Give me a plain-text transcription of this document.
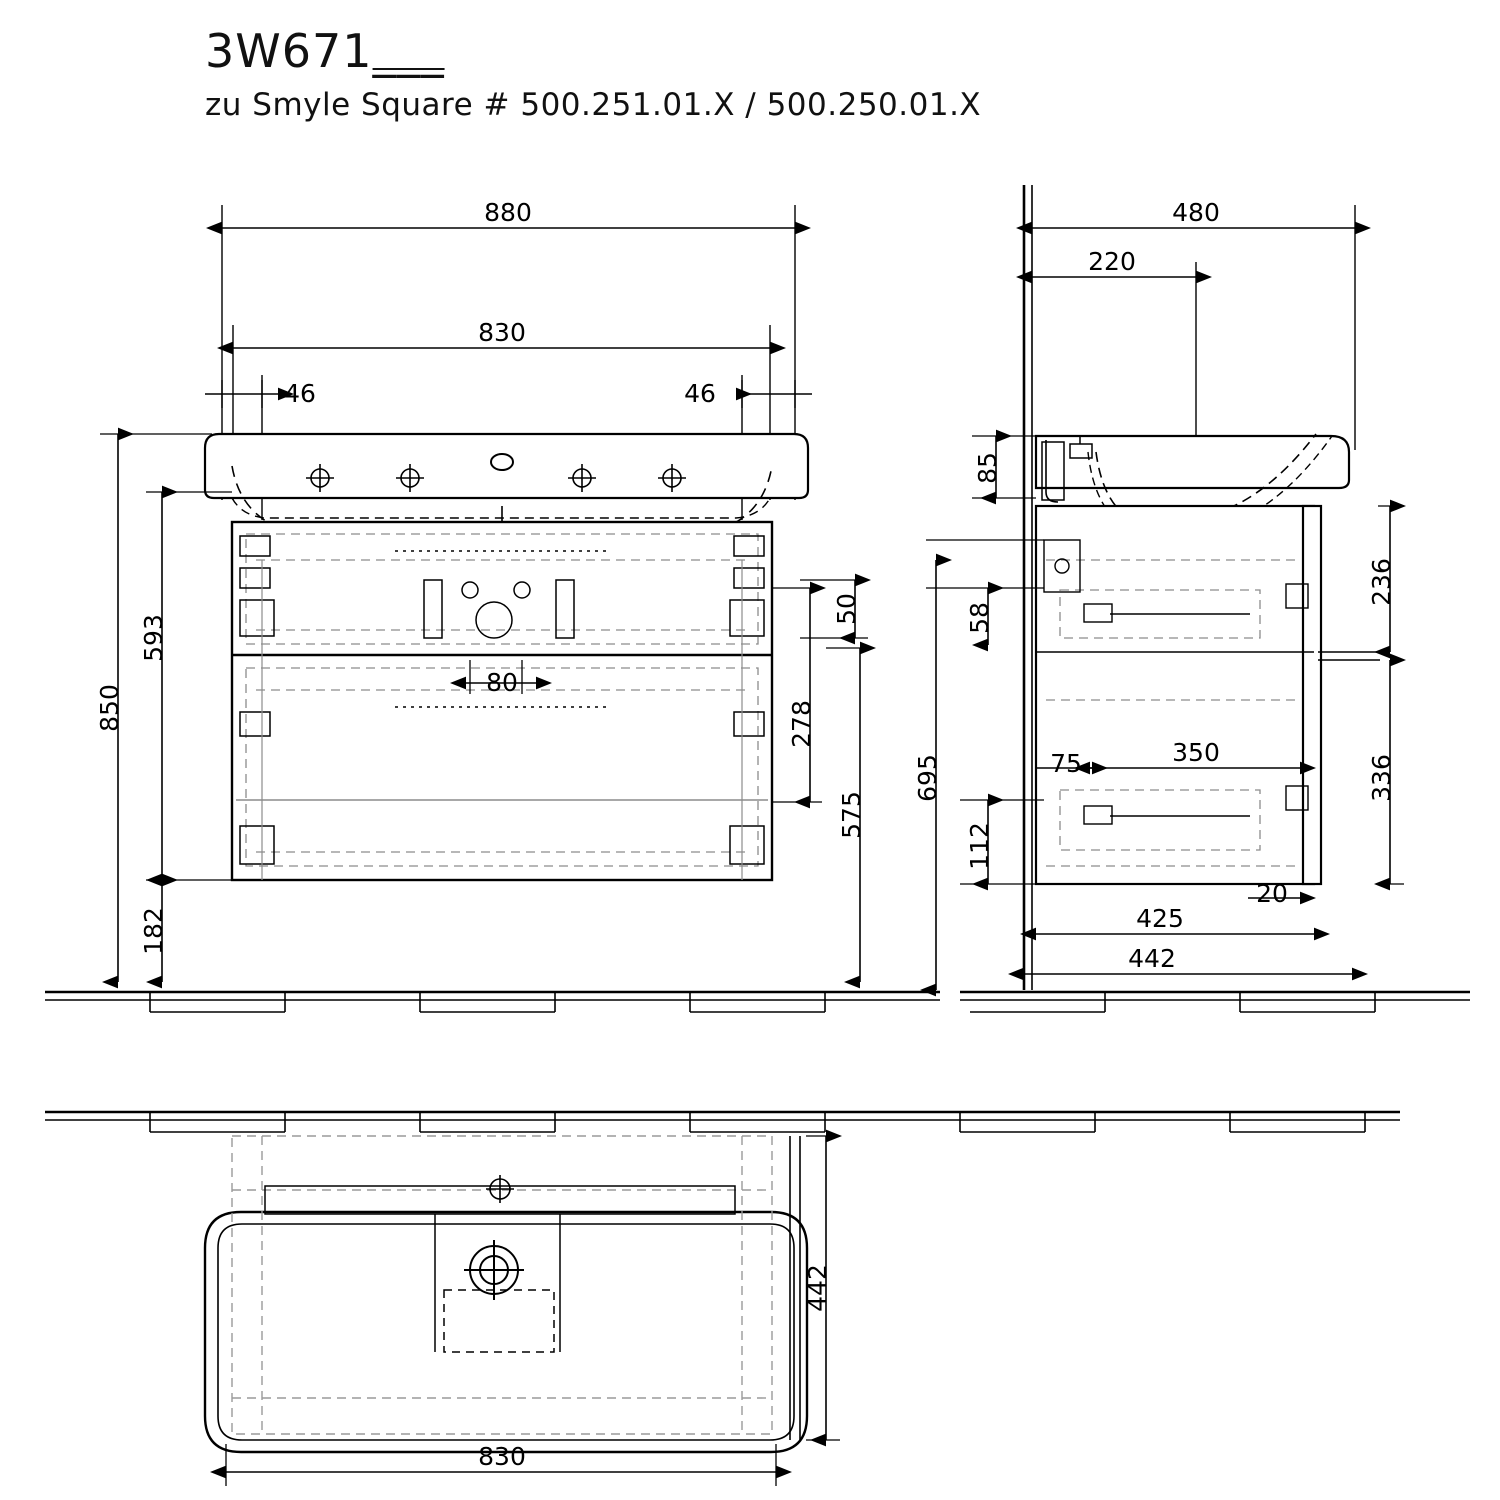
3W671___
zu Smyle Square # 500.251.01.X / 500.250.01.X
880
830
46	46
850
593
182
50
80
278
575
480
220
85
58
695
112
236
336
350
75
20
425
442
442
830
